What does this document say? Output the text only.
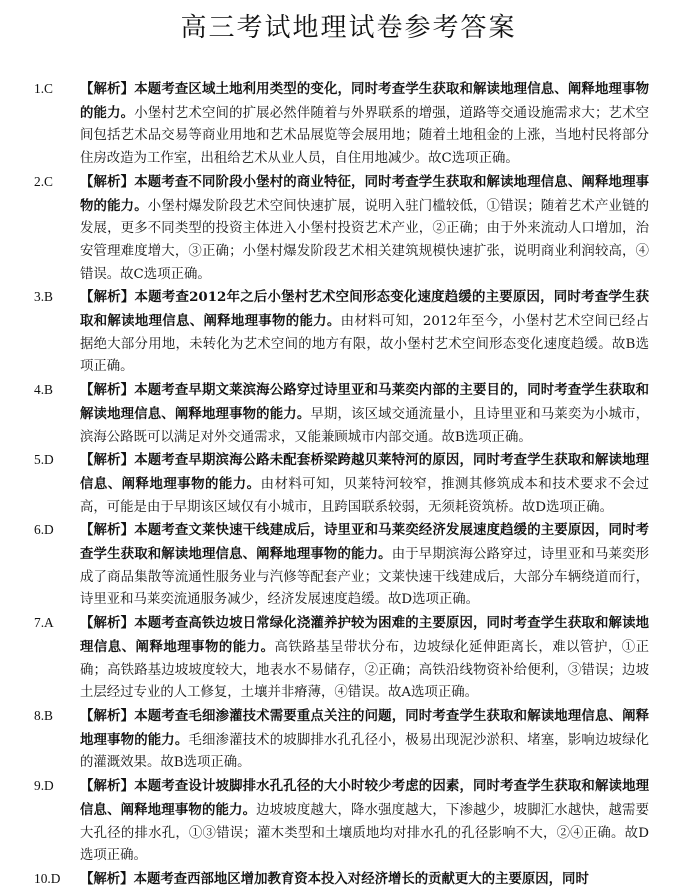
高三考试地理试卷参考答案
1.C	【解析】本题考查区域土地利用类型的变化，同时考查学生获取和解读地理信息、阐释地理事物的能力。小堡村艺术空间的扩展必然伴随着与外界联系的增强，道路等交通设施需求大；艺术空间包括艺术品交易等商业用地和艺术品展览等会展用地；随着土地租金的上涨，当地村民将部分住房改造为工作室，出租给艺术从业人员，自住用地减少。故C选项正确。
2.C	【解析】本题考查不同阶段小堡村的商业特征，同时考查学生获取和解读地理信息、阐释地理事物的能力。小堡村爆发阶段艺术空间快速扩展，说明入驻门槛较低，①错误；随着艺术产业链的发展，更多不同类型的投资主体进入小堡村投资艺术产业，②正确；由于外来流动人口增加，治安管理难度增大，③正确；小堡村爆发阶段艺术相关建筑规模快速扩张，说明商业利润较高，④错误。故C选项正确。
3.B	【解析】本题考查2012年之后小堡村艺术空间形态变化速度趋缓的主要原因，同时考查学生获取和解读地理信息、阐释地理事物的能力。由材料可知，2012年至今，小堡村艺术空间已经占据绝大部分用地，未转化为艺术空间的地方有限，故小堡村艺术空间形态变化速度趋缓。故B选项正确。
4.B	【解析】本题考查早期文莱滨海公路穿过诗里亚和马莱奕内部的主要目的，同时考查学生获取和解读地理信息、阐释地理事物的能力。早期，该区域交通流量小，且诗里亚和马莱奕为小城市，滨海公路既可以满足对外交通需求，又能兼顾城市内部交通。故B选项正确。
5.D	【解析】本题考查早期滨海公路未配套桥梁跨越贝莱特河的原因，同时考查学生获取和解读地理信息、阐释地理事物的能力。由材料可知，贝莱特河较窄，推测其修筑成本和技术要求不会过高，可能是由于早期该区域仅有小城市，且跨国联系较弱，无须耗资筑桥。故D选项正确。
6.D	【解析】本题考查文莱快速干线建成后，诗里亚和马莱奕经济发展速度趋缓的主要原因，同时考查学生获取和解读地理信息、阐释地理事物的能力。由于早期滨海公路穿过，诗里亚和马莱奕形成了商品集散等流通性服务业与汽修等配套产业；文莱快速干线建成后，大部分车辆绕道而行，诗里亚和马莱奕流通服务减少，经济发展速度趋缓。故D选项正确。
7.A	【解析】本题考查高铁边坡日常绿化浇灌养护较为困难的主要原因，同时考查学生获取和解读地理信息、阐释地理事物的能力。高铁路基呈带状分布，边坡绿化延伸距离长，难以管护，①正确；高铁路基边坡坡度较大，地表水不易储存，②正确；高铁沿线物资补给便利，③错误；边坡土层经过专业的人工修复，土壤并非瘠薄，④错误。故A选项正确。
8.B	【解析】本题考查毛细渗灌技术需要重点关注的问题，同时考查学生获取和解读地理信息、阐释地理事物的能力。毛细渗灌技术的坡脚排水孔孔径小，极易出现泥沙淤积、堵塞，影响边坡绿化的灌溉效果。故B选项正确。
9.D	【解析】本题考查设计坡脚排水孔孔径的大小时较少考虑的因素，同时考查学生获取和解读地理信息、阐释地理事物的能力。边坡坡度越大，降水强度越大，下渗越少，坡脚汇水越快，越需要大孔径的排水孔，①③错误；灌木类型和土壤质地均对排水孔的孔径影响不大，②④正确。故D选项正确。
10.D	【解析】本题考查西部地区增加教育资本投入对经济增长的贡献更大的主要原因，同时
